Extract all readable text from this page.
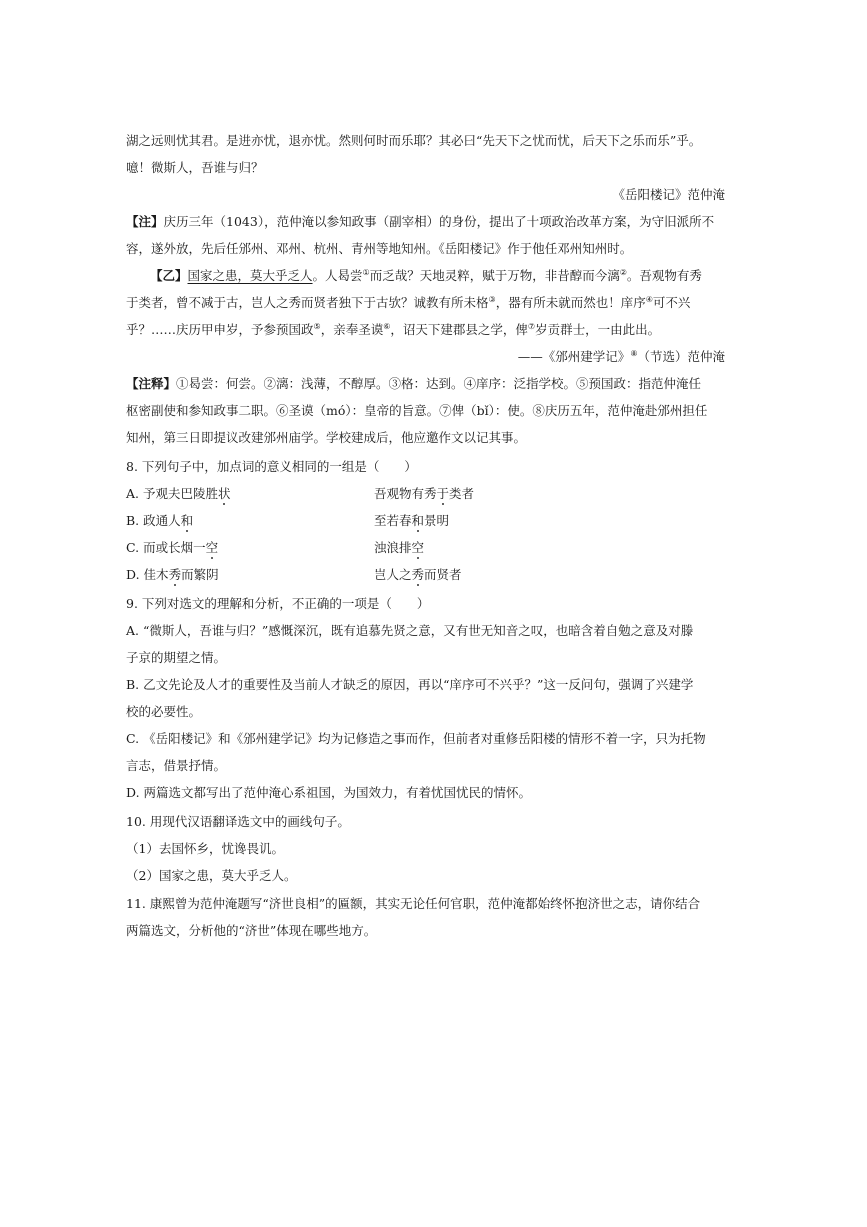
湖之远则忧其君。是进亦忧，退亦忧。然则何时而乐耶？其必曰“先天下之忧而忧，后天下之乐而乐”乎。
噫！微斯人，吾谁与归？
《岳阳楼记》范仲淹
【注】庆历三年（1043），范仲淹以参知政事（副宰相）的身份，提出了十项政治改革方案，为守旧派所不
容，遂外放，先后任邠州、邓州、杭州、青州等地知州。《岳阳楼记》作于他任邓州知州时。
【乙】国家之患，莫大乎乏人。人曷尝①而乏哉？天地灵粹，赋于万物，非昔醇而今漓②。吾观物有秀
于类者，曾不减于古，岂人之秀而贤者独下于古欤？诚教有所未格③，器有所未就而然也！庠序④可不兴
乎？……庆历甲申岁，予参预国政⑤，亲奉圣谟⑥，诏天下建郡县之学，俾⑦岁贡群士，一由此出。
——《邠州建学记》⑧（节选）范仲淹
【注释】①曷尝：何尝。②漓：浅薄，不醇厚。③格：达到。④庠序：泛指学校。⑤预国政：指范仲淹任
枢密副使和参知政事二职。⑥圣谟（mó）：皇帝的旨意。⑦俾（bǐ）：使。⑧庆历五年，范仲淹赴邠州担任
知州，第三日即提议改建邠州庙学。学校建成后，他应邀作文以记其事。
8. 下列句子中，加点词的意义相同的一组是（　　）
A. 予观夫巴陵胜状	吾观物有秀于类者
B. 政通人和	至若春和景明
C. 而或长烟一空	浊浪排空
D. 佳木秀而繁阴	岂人之秀而贤者
9. 下列对选文的理解和分析，不正确的一项是（　　）
A. “微斯人，吾谁与归？”感慨深沉，既有追慕先贤之意，又有世无知音之叹，也暗含着自勉之意及对滕
子京的期望之情。
B. 乙文先论及人才的重要性及当前人才缺乏的原因，再以“庠序可不兴乎？”这一反问句，强调了兴建学
校的必要性。
C. 《岳阳楼记》和《邠州建学记》均为记修造之事而作，但前者对重修岳阳楼的情形不着一字，只为托物
言志，借景抒情。
D. 两篇选文都写出了范仲淹心系祖国，为国效力，有着忧国忧民的情怀。
10. 用现代汉语翻译选文中的画线句子。
（1）去国怀乡，忧谗畏讥。
（2）国家之患，莫大乎乏人。
11. 康熙曾为范仲淹题写“济世良相”的匾额，其实无论任何官职，范仲淹都始终怀抱济世之志，请你结合
两篇选文，分析他的“济世”体现在哪些地方。
